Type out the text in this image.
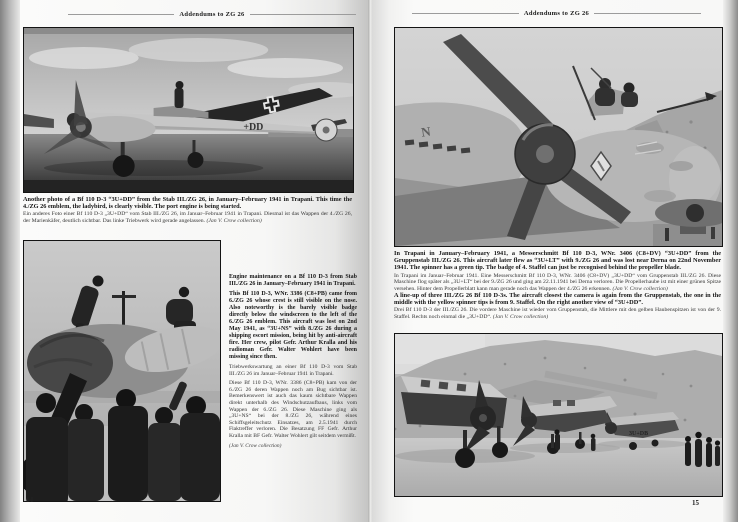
Addendums to ZG 26
+DD

Another photo of a Bf 110 D-3 “3U+DD” from the Stab III./ZG 26, in January–February 1941 in Trapani. This time the 4./ZG 26 emblem, the ladybird, is clearly visible. The port engine is being started.

Ein anderes Foto einer Bf 110 D-3 „3U+DD“ vom Stab III./ZG 26, im Januar–Februar 1941 in Trapani. Diesmal ist das Wappen der 4./ZG 26, der Marienkäfer, deutlich sichtbar. Das linke Triebwerk wird gerade angelassen. (Jan V. Crow collection)

Engine maintenance on a Bf 110 D-3 from Stab III./ZG 26 in January–February 1941 in Trapani.

This Bf 110 D-3, WNr. 3386 (C8+PB) came from 6./ZG 26 whose crest is still visible on the nose. Also noteworthy is the barely visible badge directly below the windscreen to the left of the 6./ZG 26 emblem. This aircraft was lost on 2nd May 1941, as “3U+NS” with 8./ZG 26 during a shipping escort mission, being hit by anti-aircraft fire. Her crew, pilot Gefr. Arthur Kralla and his radioman Gefr. Walter Wohlert have been missing since then.

Triebwerkswartung an einer Bf 110 D-3 vom Stab III./ZG 26 im Januar–Februar 1941 in Trapani.

Diese Bf 110 D-3, WNr. 3386 (C8+PB) kam von der 6./ZG 26 deren Wappen noch am Bug sichtbar ist. Bemerkenswert ist auch das kaum sichtbare Wappen direkt unterhalb des Windschutzaufbaus, links vom Wappen der 6./ZG 26. Diese Maschine ging als „3U+NS“ bei der 8./ZG 26, während eines Schiffsgeleitschutz Einsatzes, am 2.5.1941 durch Flaktreffer verloren. Die Besatzung FF Gefr. Arthur Kralla mit BF Gefr. Walter Wohlert gilt seitdem vermißt.

(Jan V. Crow collection)

14
Addendums to ZG 26
N

In Trapani in January–February 1941, a Messerschmitt Bf 110 D-3, WNr. 3406 (C8+DV) “3U+DD” from the Gruppenstab III./ZG 26. This aircraft later flew as “3U+LT” with 9./ZG 26 and was lost near Derna on 22nd November 1941. The spinner has a green tip. The badge of 4. Staffel can just be recognised behind the propeller blade.

In Trapani im Januar–Februar 1941. Eine Messerschmitt Bf 110 D-3, WNr. 3406 (C8+DV) „3U+DD“ vom Gruppenstab III./ZG 26. Diese Maschine flog später als „3U+LT“ bei der 9./ZG 26 und ging am 22.11.1941 bei Derna verloren. Die Propellerhaube ist mit einer grünen Spitze versehen. Hinter dem Propellerblatt kann man gerade noch das Wappen der 4./ZG 26 erkennen. (Jan V. Crow collection)

A line-up of three III./ZG 26 Bf 110 D-3s. The aircraft closest the camera is again from the Gruppenstab, the one in the middle with the yellow spinner tips is from 9. Staffel. On the right another view of “3U+DD”.

Drei Bf 110 D-3 der III./ZG 26. Die vordere Maschine ist wieder vom Gruppenstab, die Mittlere mit den gelben Haubenspitzen ist von der 9. Staffel. Rechts noch einmal die „3U+DD“. (Jan V. Crow collection)

3U+DB
15
